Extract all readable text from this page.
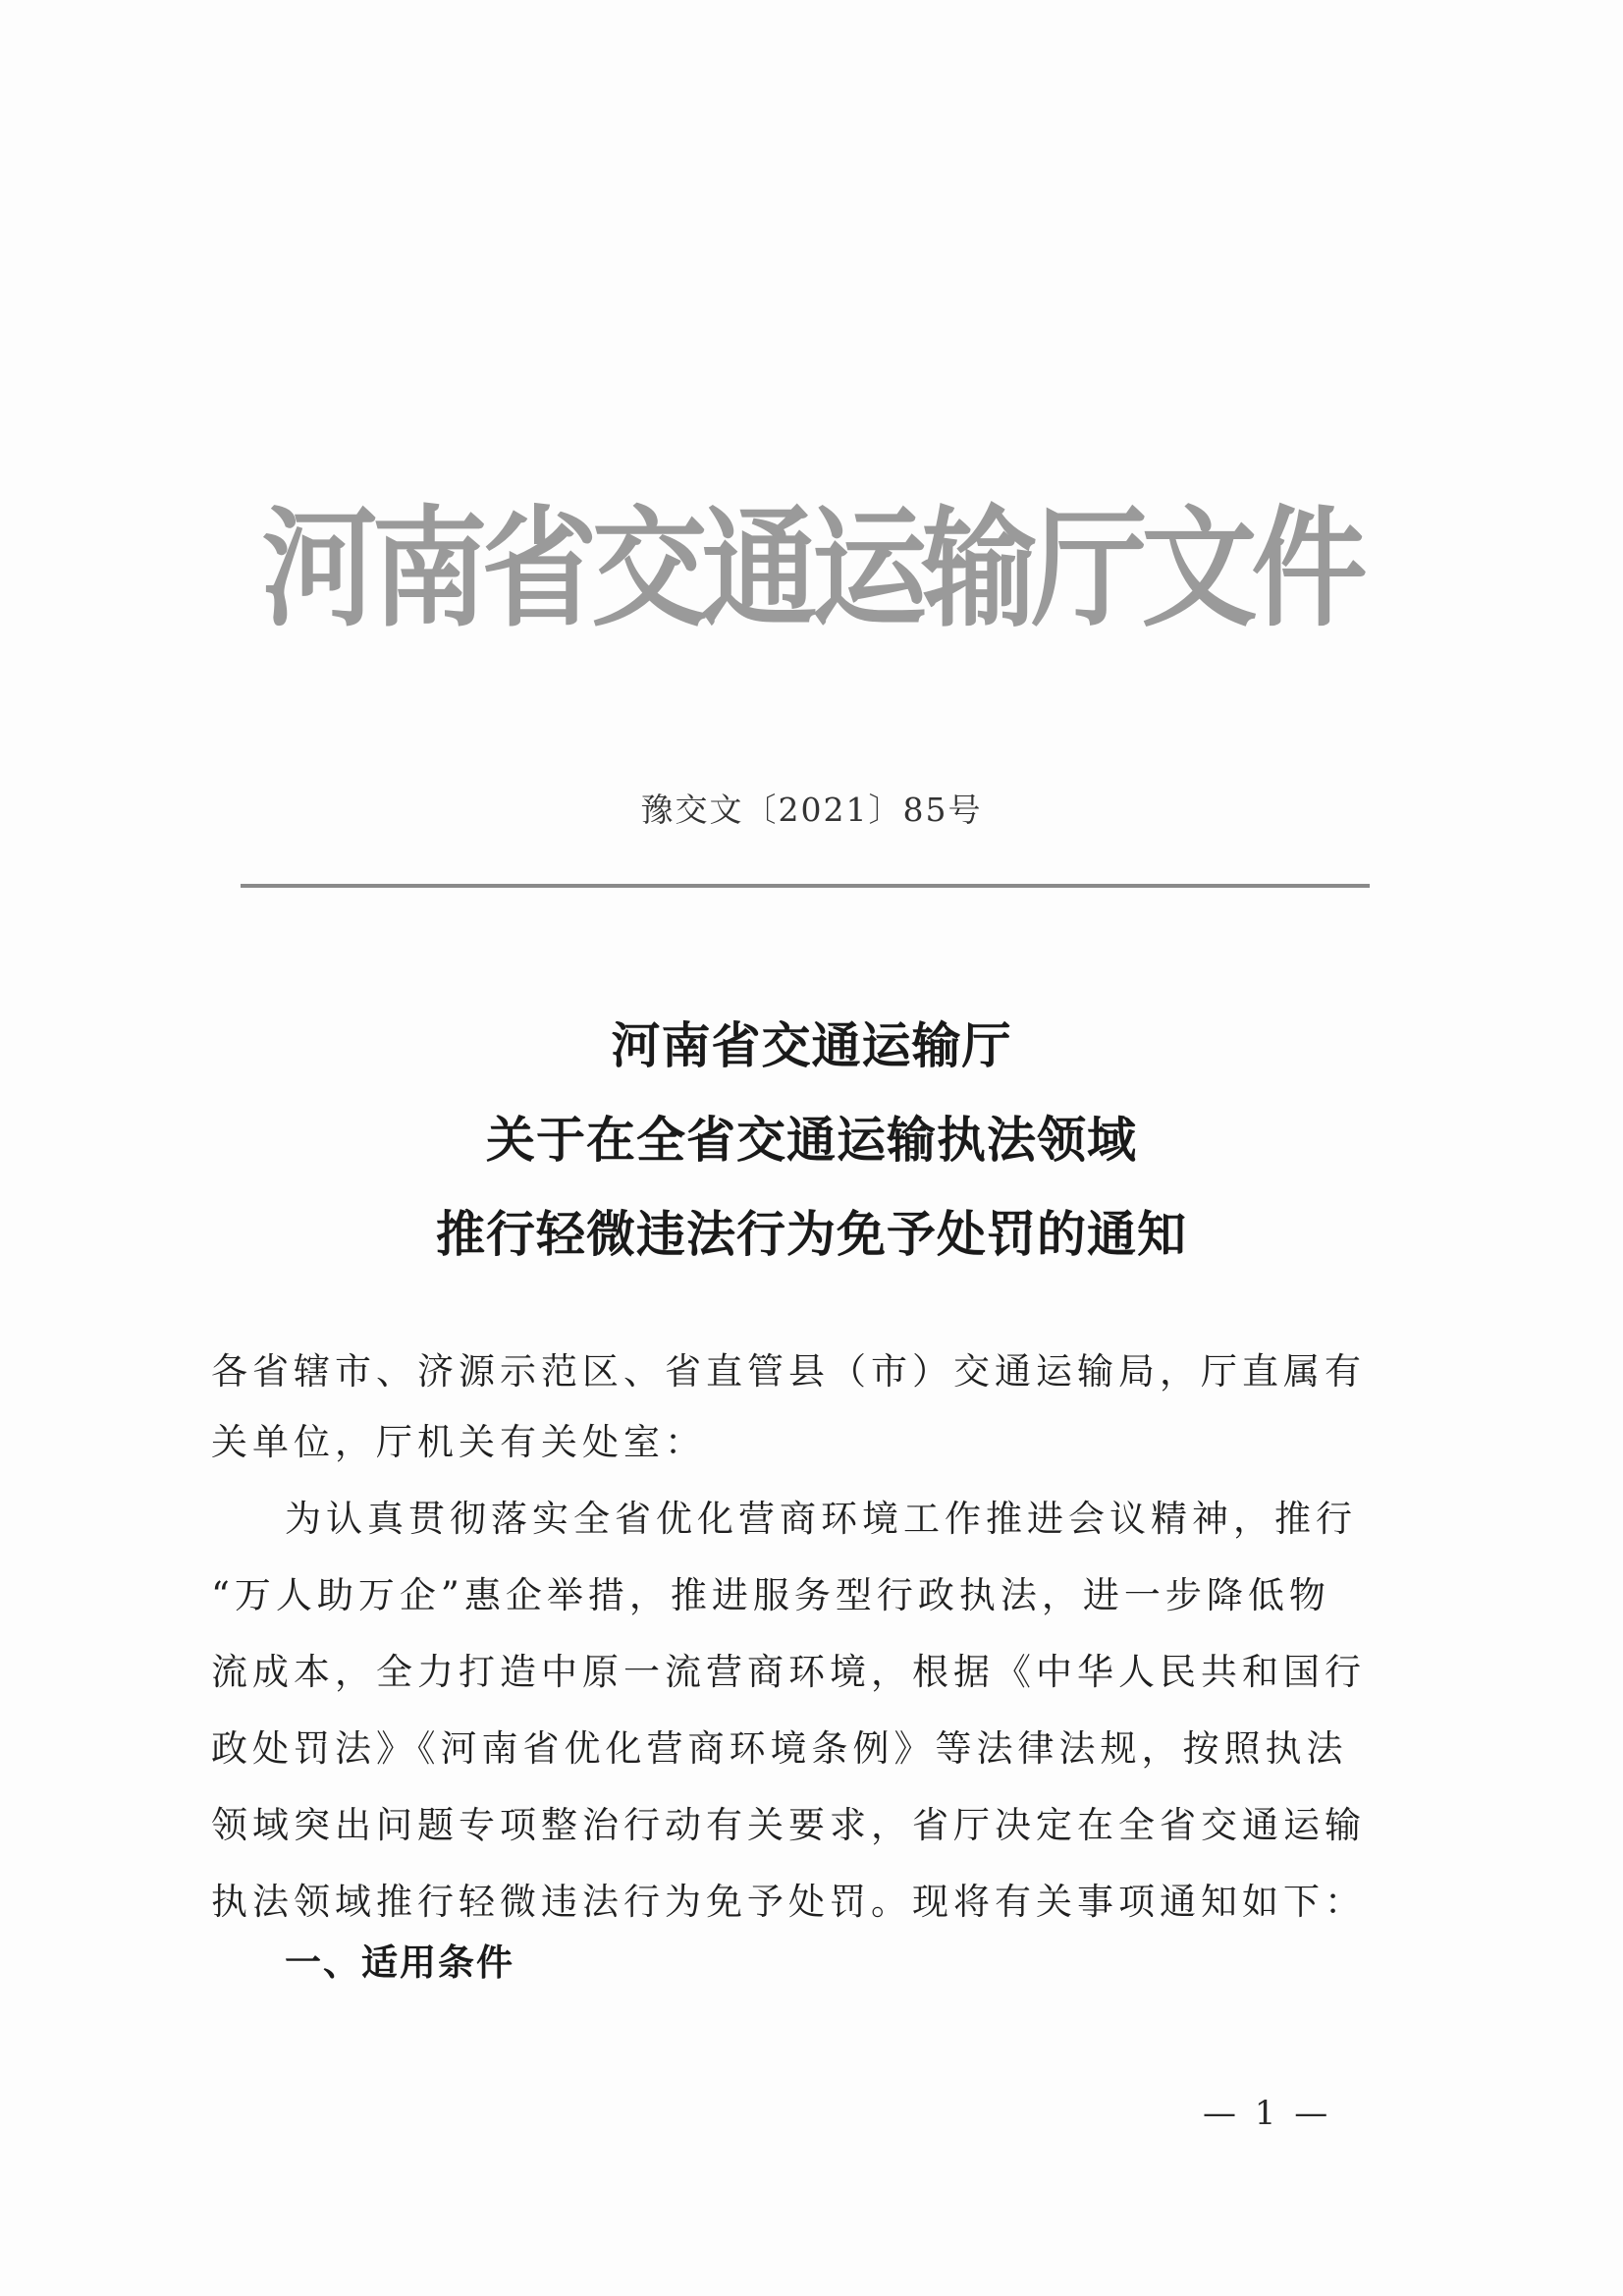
河南省交通运输厅文件
豫交文〔2021〕85号
河南省交通运输厅
关于在全省交通运输执法领域
推行轻微违法行为免予处罚的通知
各省辖市、济源示范区、省直管县（市）交通运输局，厅直属有
关单位，厅机关有关处室：
为认真贯彻落实全省优化营商环境工作推进会议精神，推行
“万人助万企”惠企举措，推进服务型行政执法，进一步降低物
流成本，全力打造中原一流营商环境，根据《中华人民共和国行
政处罚法》《河南省优化营商环境条例》等法律法规，按照执法
领域突出问题专项整治行动有关要求，省厅决定在全省交通运输
执法领域推行轻微违法行为免予处罚。现将有关事项通知如下：
一、适用条件
— 1 —
